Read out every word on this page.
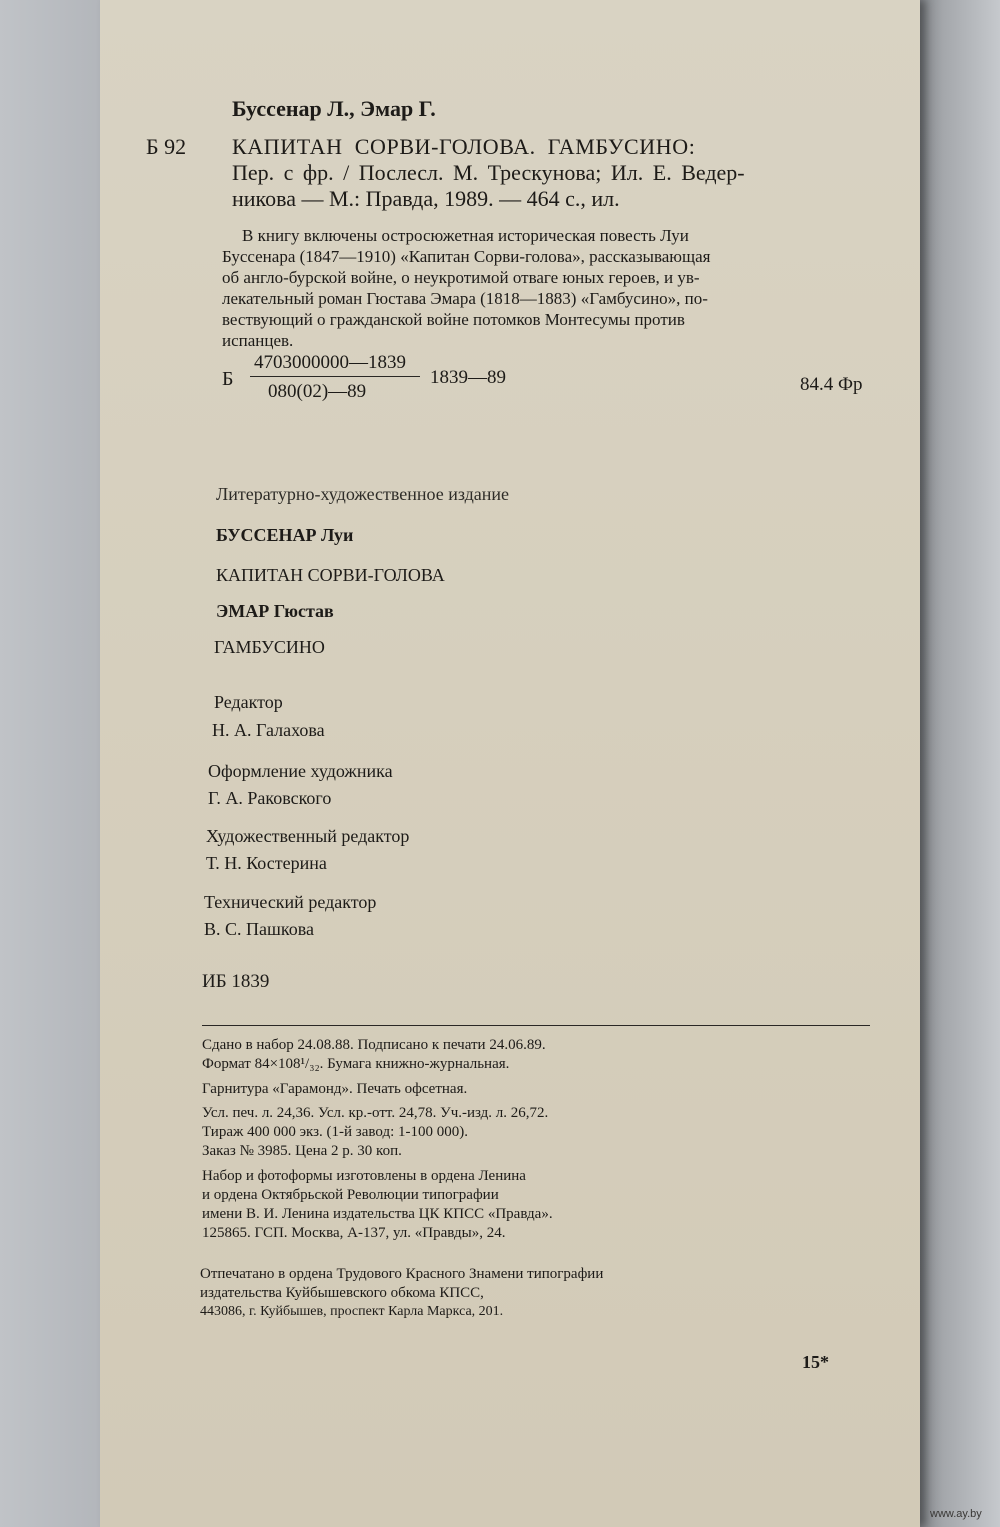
Буссенар Л., Эмар Г.
Б 92 КАПИТАН СОРВИ-ГОЛОВА. ГАМБУСИНО:
Пер. с фр. / Послесл. М. Трескунова; Ил. Е. Ведер-
никова — М.: Правда, 1989. — 464 с., ил.
В книгу включены остросюжетная историческая повесть Луи
Буссенара (1847—1910) «Капитан Сорви-голова», рассказывающая
об англо-бурской войне, о неукротимой отваге юных героев, и ув-
лекательный роман Гюстава Эмара (1818—1883) «Гамбусино», по-
вествующий о гражданской войне потомков Монтесумы против
испанцев.
Б
4703000000—1839
080(02)—89
1839—89	84.4 Фр
Литературно-художественное издание
БУССЕНАР Луи
КАПИТАН СОРВИ-ГОЛОВА
ЭМАР Гюстав
ГАМБУСИНО
Редактор
Н. А. Галахова
Оформление художника
Г. А. Раковского
Художественный редактор
Т. Н. Костерина
Технический редактор
В. С. Пашкова
ИБ 1839
Сдано в набор 24.08.88. Подписано к печати 24.06.89.
Формат 84×108¹/₃₂. Бумага книжно-журнальная.
Гарнитура «Гарамонд». Печать офсетная.
Усл. печ. л. 24,36. Усл. кр.-отт. 24,78. Уч.-изд. л. 26,72.
Тираж 400 000 экз. (1-й завод: 1-100 000).
Заказ № 3985. Цена 2 р. 30 коп.
Набор и фотоформы изготовлены в ордена Ленина
и ордена Октябрьской Революции типографии
имени В. И. Ленина издательства ЦК КПСС «Правда».
125865. ГСП. Москва, А-137, ул. «Правды», 24.
Отпечатано в ордена Трудового Красного Знамени типографии
издательства Куйбышевского обкома КПСС,
443086, г. Куйбышев, проспект Карла Маркса, 201.
15*
www.ay.by
